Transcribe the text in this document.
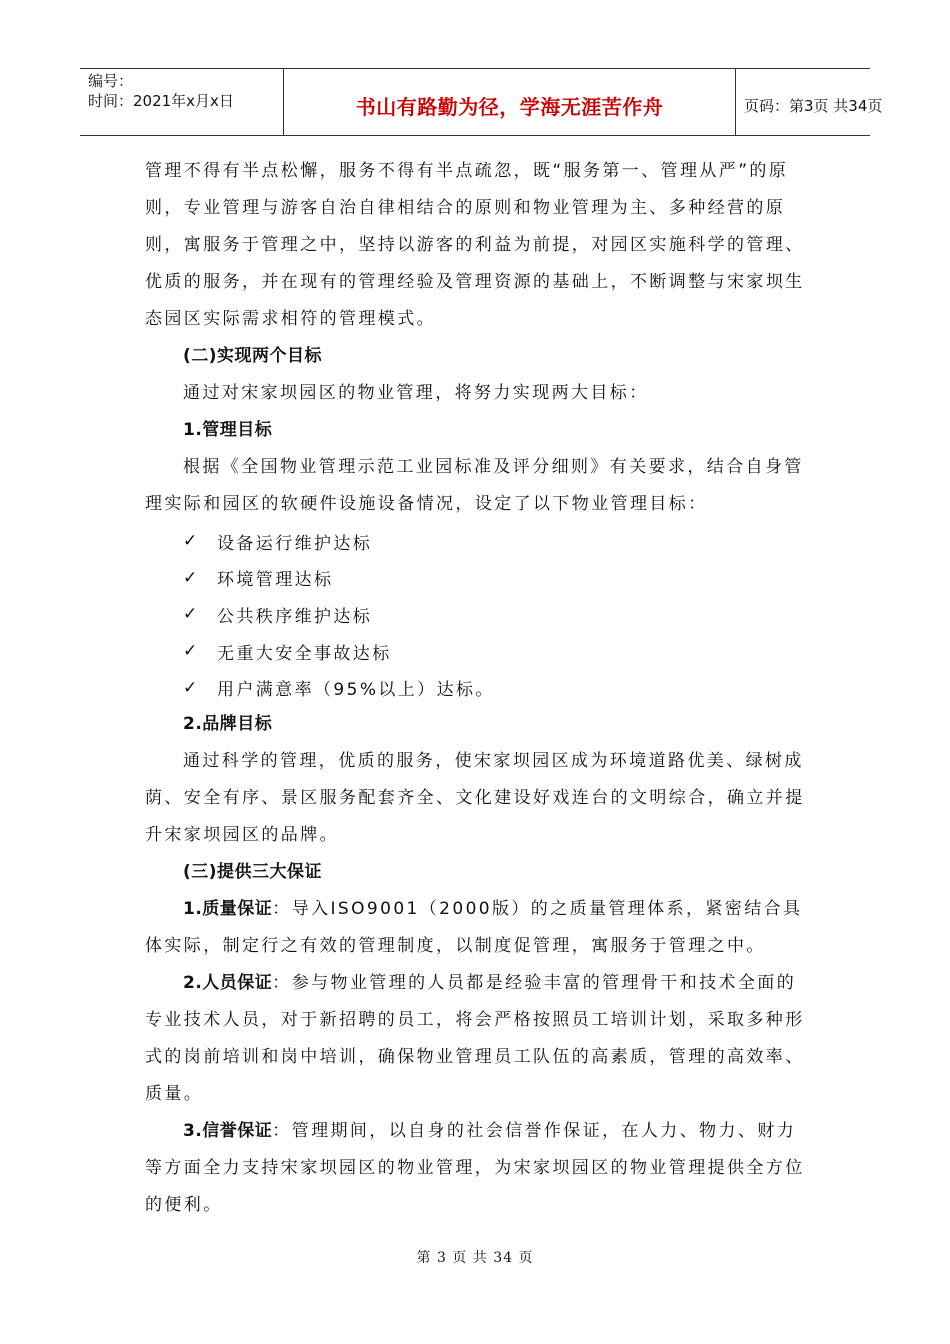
编号：
时间：2021年x月x日	书山有路勤为径，学海无涯苦作舟	页码：第3页 共34页

管理不得有半点松懈，服务不得有半点疏忽，既“服务第一、管理从严”的原则，专业管理与游客自治自律相结合的原则和物业管理为主、多种经营的原则，寓服务于管理之中，坚持以游客的利益为前提，对园区实施科学的管理、优质的服务，并在现有的管理经验及管理资源的基础上，不断调整与宋家坝生态园区实际需求相符的管理模式。

(二)实现两个目标

通过对宋家坝园区的物业管理，将努力实现两大目标：

1.管理目标

根据《全国物业管理示范工业园标准及评分细则》有关要求，结合自身管理实际和园区的软硬件设施设备情况，设定了以下物业管理目标：

✓	设备运行维护达标
✓	环境管理达标
✓	公共秩序维护达标
✓	无重大安全事故达标
✓	用户满意率（95%以上）达标。

2.品牌目标

通过科学的管理，优质的服务，使宋家坝园区成为环境道路优美、绿树成荫、安全有序、景区服务配套齐全、文化建设好戏连台的文明综合，确立并提升宋家坝园区的品牌。

(三)提供三大保证

1.质量保证：导入ISO9001（2000版）的之质量管理体系，紧密结合具体实际，制定行之有效的管理制度，以制度促管理，寓服务于管理之中。

2.人员保证：参与物业管理的人员都是经验丰富的管理骨干和技术全面的专业技术人员，对于新招聘的员工，将会严格按照员工培训计划，采取多种形式的岗前培训和岗中培训，确保物业管理员工队伍的高素质，管理的高效率、质量。

3.信誉保证：管理期间，以自身的社会信誉作保证，在人力、物力、财力等方面全力支持宋家坝园区的物业管理，为宋家坝园区的物业管理提供全方位的便利。

第 3 页 共 34 页
